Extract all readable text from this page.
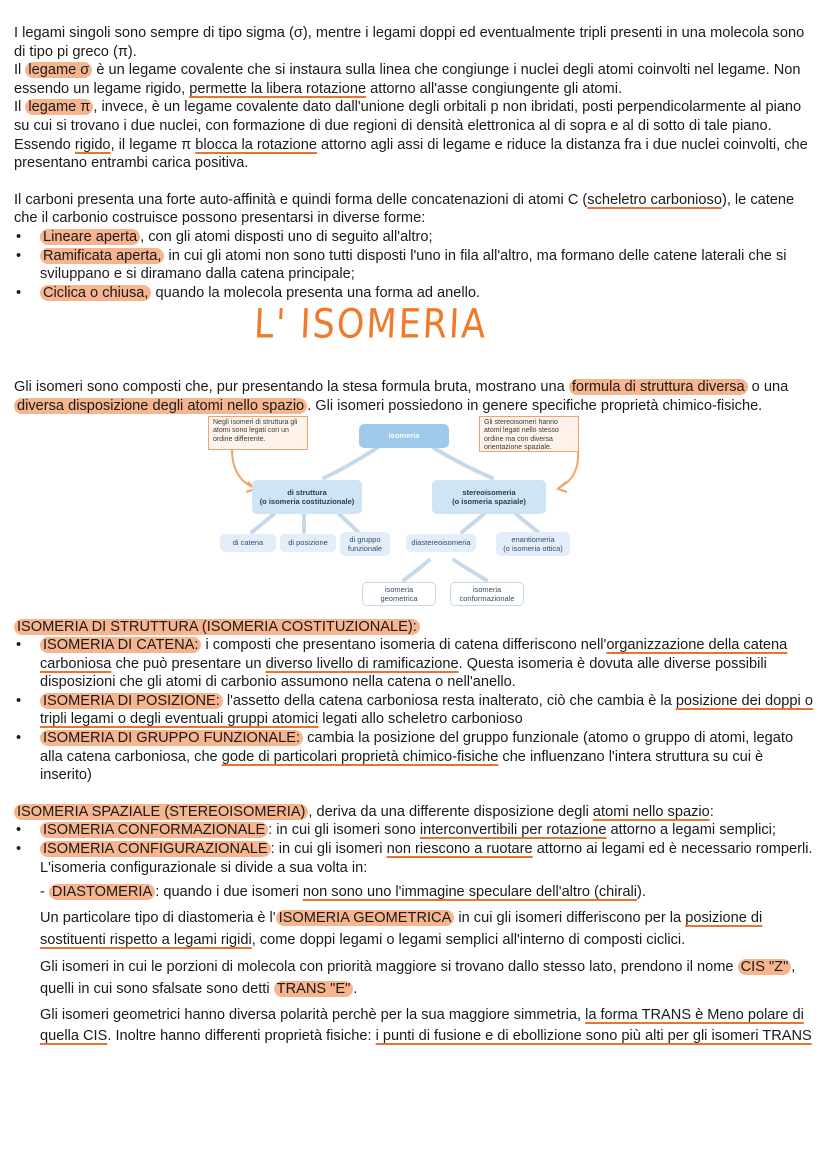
I legami singoli sono sempre di tipo sigma (σ), mentre i legami doppi ed eventualmente tripli presenti in una molecola sono di tipo pi greco (π).

Il legame σ è un legame covalente che si instaura sulla linea che congiunge i nuclei degli atomi coinvolti nel legame. Non essendo un legame rigido, permette la libera rotazione attorno all'asse congiungente gli atomi.

Il legame π , invece, è un legame covalente dato dall'unione degli orbitali p non ibridati, posti perpendicolarmente al piano su cui si trovano i due nuclei, con formazione di due regioni di densità elettronica al di sopra e al di sotto di tale piano. Essendo rigido, il legame π blocca la rotazione attorno agli assi di legame e riduce la distanza fra i due nuclei coinvolti, che presentano entrambi carica positiva.

Il carboni presenta una forte auto-affinità e quindi forma delle concatenazioni di atomi C (scheletro carbonioso), le catene che il carbonio costruisce possono presentarsi in diverse forme:

• Lineare aperta , con gli atomi disposti uno di seguito all'altro;
• Ramificata aperta, in cui gli atomi non sono tutti disposti l'uno in fila all'altro, ma formano delle catene laterali che si sviluppano e si diramano dalla catena principale;
• Ciclica o chiusa, quando la molecola presenta una forma ad anello.
L' ISOMERIA

Gli isomeri sono composti che, pur presentando la stesa formula bruta, mostrano una formula di struttura diversa o una diversa disposizione degli atomi nello spazio . Gli isomeri possiedono in genere specifiche proprietà chimico-fisiche.

Negli isomeri di struttura gli atomi sono legati con un ordine differente.
Gli stereoisomeri hanno atomi legati nello stesso ordine ma con diversa orientazione spaziale.
isomeria
di struttura
(o isomeria costituzionale)
stereoisomeria
(o isomeria spaziale)
di catena	di posizione	di gruppo
funzionale
diastereoisomeria	enantiomeria
(o isomeria ottica)
isomeria
geometrica
isomeria
conformazionale

ISOMERIA DI STRUTTURA (ISOMERIA COSTITUZIONALE):

• ISOMERIA DI CATENA: i composti che presentano isomeria di catena differiscono nell'organizzazione della catena carboniosa che può presentare un diverso livello di ramificazione. Questa isomeria è dovuta alle diverse possibili disposizioni che gli atomi di carbonio assumono nella catena o nell'anello.
• ISOMERIA DI POSIZIONE: l'assetto della catena carboniosa resta inalterato, ciò che cambia è la posizione dei doppi o tripli legami o degli eventuali gruppi atomici legati allo scheletro carbonioso
• ISOMERIA DI GRUPPO FUNZIONALE: cambia la posizione del gruppo funzionale (atomo o gruppo di atomi, legato alla catena carboniosa, che gode di particolari proprietà chimico-fisiche che influenzano l'intera struttura su cui è inserito)

ISOMERIA SPAZIALE (STEREOISOMERIA) , deriva da una differente disposizione degli atomi nello spazio:

• ISOMERIA CONFORMAZIONALE : in cui gli isomeri sono interconvertibili per rotazione attorno a legami semplici;
• ISOMERIA CONFIGURAZIONALE : in cui gli isomeri non riescono a ruotare attorno ai legami ed è necessario romperli.

L'isomeria configurazionale si divide a sua volta in:

- DIASTOMERIA : quando i due isomeri non sono uno l'immagine speculare dell'altro (chirali).

Un particolare tipo di diastomeria è l' ISOMERIA GEOMETRICA in cui gli isomeri differiscono per la posizione di sostituenti rispetto a legami rigidi, come doppi legami o legami semplici all'interno di composti ciclici.

Gli isomeri in cui le porzioni di molecola con priorità maggiore si trovano dallo stesso lato, prendono il nome CIS "Z" , quelli in cui sono sfalsate sono detti TRANS "E" .

Gli isomeri geometrici hanno diversa polarità perchè per la sua maggiore simmetria, la forma TRANS è Meno polare di quella CIS. Inoltre hanno differenti proprietà fisiche: i punti di fusione e di ebollizione sono più alti per gli isomeri TRANS
